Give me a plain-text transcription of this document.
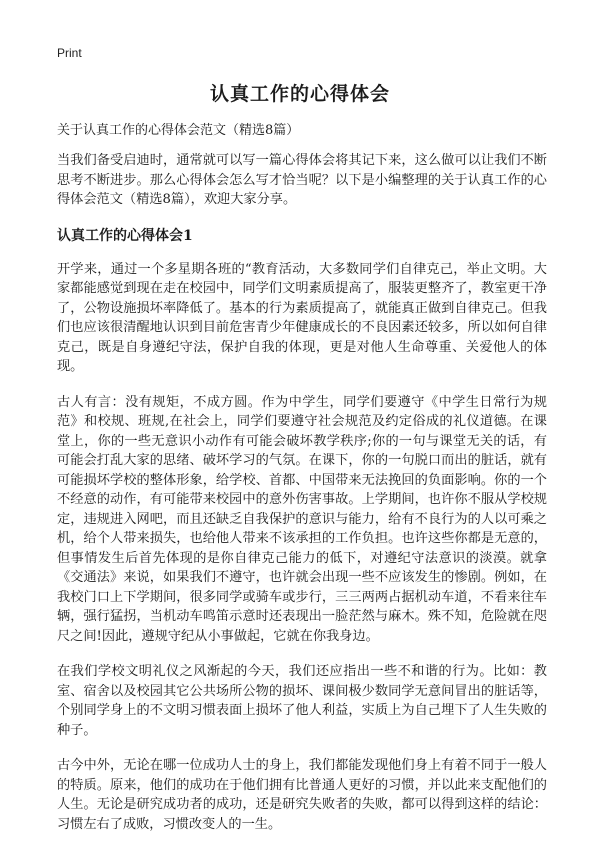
Print
认真工作的心得体会

关于认真工作的心得体会范文（精选8篇）

当我们备受启迪时，通常就可以写一篇心得体会将其记下来，这么做可以让我们不断思考不断进步。那么心得体会怎么写才恰当呢？以下是小编整理的关于认真工作的心得体会范文（精选8篇），欢迎大家分享。

认真工作的心得体会1

开学来，通过一个多星期各班的“教育活动，大多数同学们自律克己，举止文明。大家都能感觉到现在走在校园中，同学们文明素质提高了，服装更整齐了，教室更干净了，公物设施损坏率降低了。基本的行为素质提高了，就能真正做到自律克己。但我们也应该很清醒地认识到目前危害青少年健康成长的不良因素还较多，所以如何自律克己，既是自身遵纪守法，保护自我的体现，更是对他人生命尊重、关爱他人的体现。

古人有言：没有规矩，不成方圆。作为中学生，同学们要遵守《中学生日常行为规范》和校规、班规,在社会上，同学们要遵守社会规范及约定俗成的礼仪道德。在课堂上，你的一些无意识小动作有可能会破坏教学秩序;你的一句与课堂无关的话，有可能会打乱大家的思绪、破坏学习的气氛。在课下，你的一句脱口而出的脏话，就有可能损坏学校的整体形象，给学校、首都、中国带来无法挽回的负面影响。你的一个不经意的动作，有可能带来校园中的意外伤害事故。上学期间，也许你不服从学校规定，违规进入网吧，而且还缺乏自我保护的意识与能力，给有不良行为的人以可乘之机，给个人带来损失，也给他人带来不该承担的工作负担。也许这些你都是无意的，但事情发生后首先体现的是你自律克己能力的低下，对遵纪守法意识的淡漠。就拿《交通法》来说，如果我们不遵守，也许就会出现一些不应该发生的惨剧。例如，在我校门口上下学期间，很多同学或骑车或步行，三三两两占据机动车道，不看来往车辆，强行猛拐，当机动车鸣笛示意时还表现出一脸茫然与麻木。殊不知，危险就在咫尺之间!因此，遵规守纪从小事做起，它就在你我身边。

在我们学校文明礼仪之风渐起的今天，我们还应指出一些不和谐的行为。比如：教室、宿舍以及校园其它公共场所公物的损坏、课间极少数同学无意间冒出的脏话等，个别同学身上的不文明习惯表面上损坏了他人利益，实质上为自己埋下了人生失败的种子。

古今中外，无论在哪一位成功人士的身上，我们都能发现他们身上有着不同于一般人的特质。原来，他们的成功在于他们拥有比普通人更好的习惯，并以此来支配他们的人生。无论是研究成功者的成功，还是研究失败者的失败，都可以得到这样的结论：习惯左右了成败，习惯改变人的一生。
